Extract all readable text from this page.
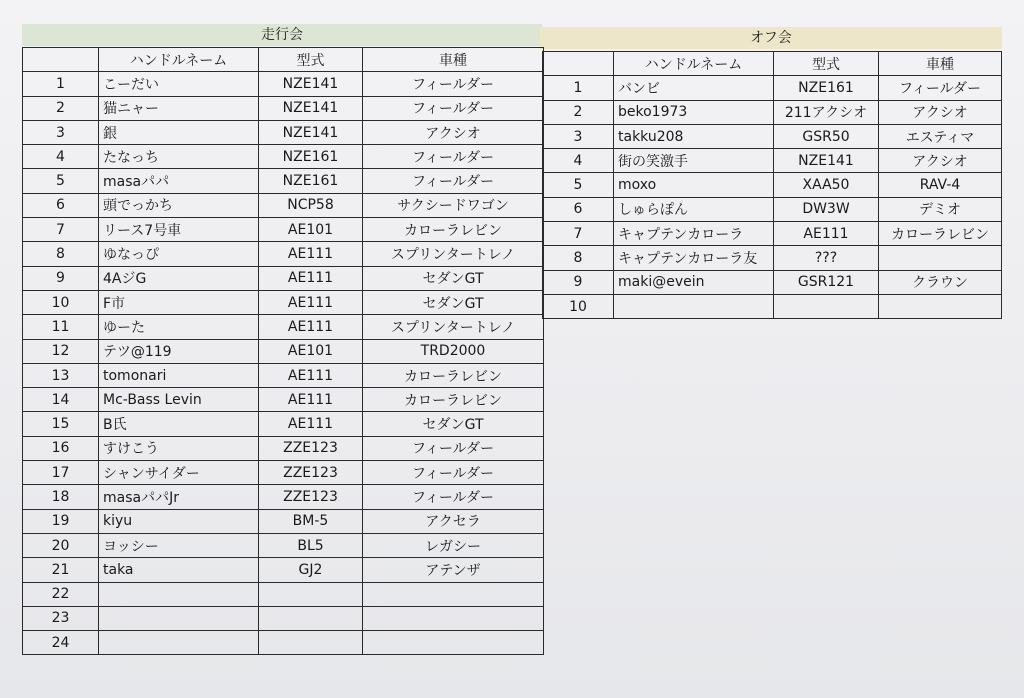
走行会	オフ会
	ハンドルネーム	型式	車種
1	こーだい	NZE141	フィールダー
2	猫ニャー	NZE141	フィールダー
3	銀	NZE141	アクシオ
4	たなっち	NZE161	フィールダー
5	masaパパ	NZE161	フィールダー
6	頭でっかち	NCP58	サクシードワゴン
7	リース7号車	AE101	カローラレビン
8	ゆなっぴ	AE111	スプリンタートレノ
9	4AジG	AE111	セダンGT
10	F市	AE111	セダンGT
11	ゆーた	AE111	スプリンタートレノ
12	テツ@119	AE101	TRD2000
13	tomonari	AE111	カローラレビン
14	Mc-Bass Levin	AE111	カローラレビン
15	B氏	AE111	セダンGT
16	すけこう	ZZE123	フィールダー
17	シャンサイダー	ZZE123	フィールダー
18	masaパパJr	ZZE123	フィールダー
19	kiyu	BM-5	アクセラ
20	ヨッシー	BL5	レガシー
21	taka	GJ2	アテンザ
22			
23			
24			
	ハンドルネーム	型式	車種
1	バンビ	NZE161	フィールダー
2	beko1973	211アクシオ	アクシオ
3	takku208	GSR50	エスティマ
4	街の笑激手	NZE141	アクシオ
5	moxo	XAA50	RAV-4
6	しゅらぽん	DW3W	デミオ
7	キャプテンカローラ	AE111	カローラレビン
8	キャプテンカローラ友	???	
9	maki@evein	GSR121	クラウン
10			
